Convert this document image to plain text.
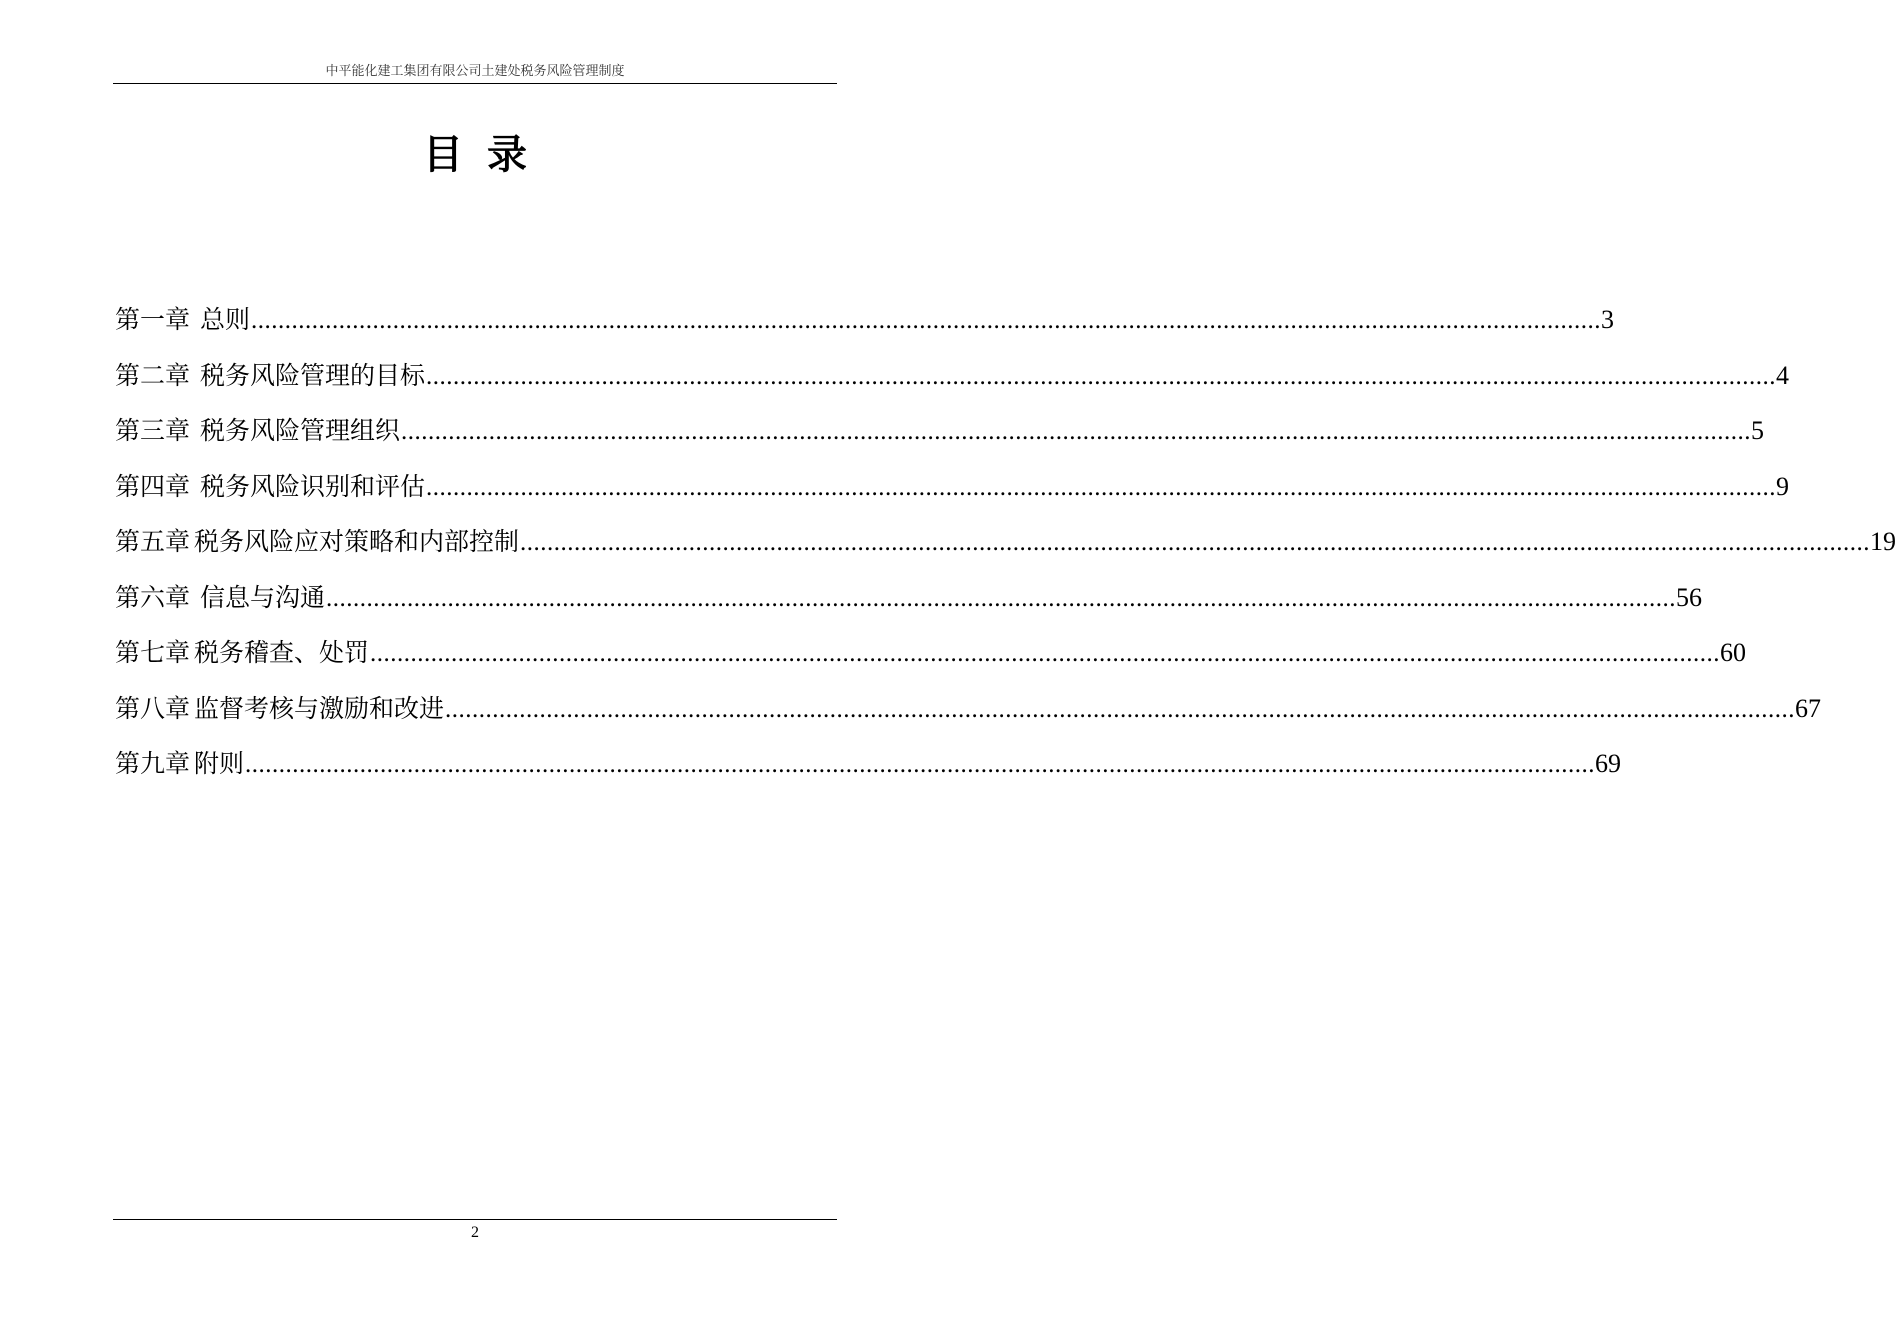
中平能化建工集团有限公司土建处税务风险管理制度
目录
第一章 总则 ........................................................................................................................................................................................................ 3
第二章 税务风险管理的目标 ........................................................................................................................................................................................................ 4
第三章 税务风险管理组织 ........................................................................................................................................................................................................ 5
第四章 税务风险识别和评估 ........................................................................................................................................................................................................ 9
第五章 税务风险应对策略和内部控制 ........................................................................................................................................................................................................ 19
第六章 信息与沟通 ........................................................................................................................................................................................................ 56
第七章 税务稽查、处罚 ........................................................................................................................................................................................................ 60
第八章 监督考核与激励和改进 ........................................................................................................................................................................................................ 67
第九章 附则 ........................................................................................................................................................................................................ 69
2
